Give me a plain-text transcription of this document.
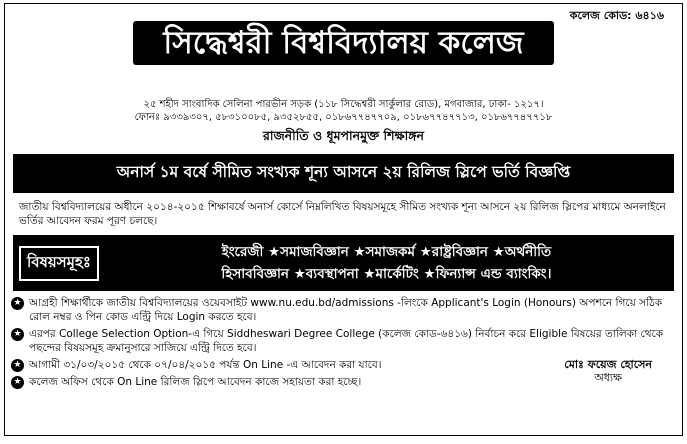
কলেজ কোড: ৬৪১৬
সিদ্ধেশ্বরী বিশ্ববিদ্যালয় কলেজ
২৫ শহীদ সাংবাদিক সেলিনা পারভীন সড়ক (১১৮ সিদ্ধেশ্বরী সার্কুলার রোড), মগবাজার, ঢাকা- ১২১৭।
ফোনঃ ৯৩৩৯৩০৭, ৫৮৩১০০৮৫, ৯৩৫২৮৫৫, ০১৮৬৭৭৪৭৭০৯, ০১৮৬৭৭৪৭৭১৩, ০১৮৬৭৭৪৭৭১৮
রাজনীতি ও ধূমপানমুক্ত শিক্ষাঙ্গন
অনার্স ১ম বর্ষে সীমিত সংখ্যক শূন্য আসনে ২য় রিলিজ স্লিপে ভর্তি বিজ্ঞপ্তি
জাতীয় বিশ্ববিদ্যালয়ের অধীনে ২০১৪-২০১৫ শিক্ষাবর্ষে অনার্স কোর্সে নিম্নলিখিত বিষয়সমূহে সীমিত সংখ্যক শূন্য আসনে ২য় রিলিজ স্লিপের মাধ্যমে অনলাইনে ভর্তির আবেদন ফরম পূরণ চলছে।
বিষয়সমূহঃ
ইংরেজী ★সমাজবিজ্ঞান ★সমাজকর্ম ★রাষ্ট্রবিজ্ঞান ★অর্থনীতি
হিসাববিজ্ঞান ★ব্যবস্থাপনা ★মার্কেটিং ★ফিন্যান্স এন্ড ব্যাংকিং।
★ আগ্রহী শিক্ষার্থীকে জাতীয় বিশ্ববিদ্যালয়ের ওয়েবসাইট www.nu.edu.bd/admissions -লিংকে Applicant's Login (Honours) অপশনে গিয়ে সঠিক রোল নম্বর ও পিন কোড এন্ট্রি দিয়ে Login করতে হবে।
★ এরপর College Selection Option-এ গিয়ে Siddheswari Degree College (কলেজ কোড-৬৪১৬) নির্বাচন করে Eligible বিষয়ের তালিকা থেকে পছন্দের বিষয়সমূহ ক্রমানুসারে সাজিয়ে এন্ট্রি দিতে হবে।
★ আগামী ৩১/০৩/২০১৫ থেকে ০৭/০৪/২০১৫ পর্যন্ত On Line -এ আবেদন করা যাবে।
★ কলেজ অফিস থেকে On Line রিলিজ স্লিপে আবেদন কাজে সহায়তা করা হচ্ছে।
মোঃ ফয়েজ হোসেন
অধ্যক্ষ
